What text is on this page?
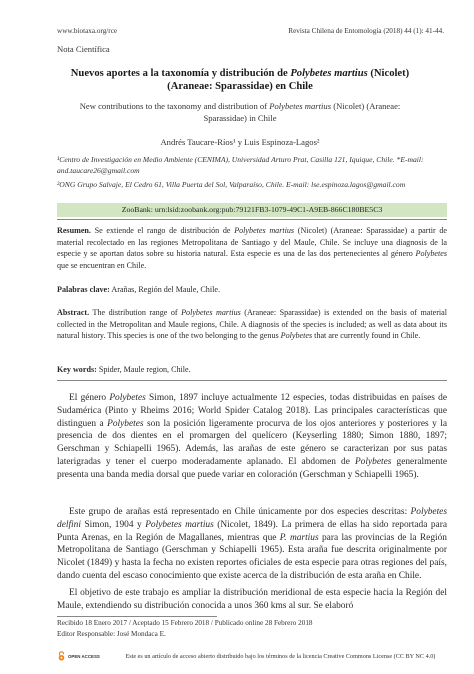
www.biotaxa.org/rce	Revista Chilena de Entomología (2018) 44 (1): 41-44.
Nota Científica
Nuevos aportes a la taxonomía y distribución de Polybetes martius (Nicolet) (Araneae: Sparassidae) en Chile
New contributions to the taxonomy and distribution of Polybetes martius (Nicolet) (Araneae: Sparassidae) in Chile
Andrés Taucare-Ríos¹ y Luis Espinoza-Lagos²
¹Centro de Investigación en Medio Ambiente (CENIMA), Universidad Arturo Prat, Casilla 121, Iquique, Chile. *E-mail: and.taucare26@gmail.com
²ONG Grupo Salvaje, El Cedro 61, Villa Puerta del Sol, Valparaíso, Chile. E-mail: lse.espinoza.lagos@gmail.com
ZooBank: urn:lsid:zoobank.org:pub:79121FB3-1079-49C1-A9EB-866C180BE5C3
Resumen. Se extiende el rango de distribución de Polybetes martius (Nicolet) (Araneae: Sparassidae) a partir de material recolectado en las regiones Metropolitana de Santiago y del Maule, Chile. Se incluye una diagnosis de la especie y se aportan datos sobre su historia natural. Esta especie es una de las dos pertenecientes al género Polybetes que se encuentran en Chile.
Palabras clave: Arañas, Región del Maule, Chile.
Abstract. The distribution range of Polybetes martius (Araneae: Sparassidae) is extended on the basis of material collected in the Metropolitan and Maule regions, Chile. A diagnosis of the species is included; as well as data about its natural history. This species is one of the two belonging to the genus Polybetes that are currently found in Chile.
Key words: Spider, Maule region, Chile.
El género Polybetes Simon, 1897 incluye actualmente 12 especies, todas distribuidas en países de Sudamérica (Pinto y Rheims 2016; World Spider Catalog 2018). Las principales características que distinguen a Polybetes son la posición ligeramente procurva de los ojos anteriores y posteriores y la presencia de dos dientes en el promargen del quelícero (Keyserling 1880; Simon 1880, 1897; Gerschman y Schiapelli 1965). Además, las arañas de este género se caracterizan por sus patas laterigradas y tener el cuerpo moderadamente aplanado. El abdomen de Polybetes generalmente presenta una banda media dorsal que puede variar en coloración (Gerschman y Schiapelli 1965).
Este grupo de arañas está representado en Chile únicamente por dos especies descritas: Polybetes delfini Simon, 1904 y Polybetes martius (Nicolet, 1849). La primera de ellas ha sido reportada para Punta Arenas, en la Región de Magallanes, mientras que P. martius para las provincias de la Región Metropolitana de Santiago (Gerschman y Schiapelli 1965). Esta araña fue descrita originalmente por Nicolet (1849) y hasta la fecha no existen reportes oficiales de esta especie para otras regiones del país, dando cuenta del escaso conocimiento que existe acerca de la distribución de esta araña en Chile.
El objetivo de este trabajo es ampliar la distribución meridional de esta especie hacia la Región del Maule, extendiendo su distribución conocida a unos 360 kms al sur. Se elaboró
Recibido 18 Enero 2017 / Aceptado 15 Febrero 2018 / Publicado online 28 Febrero 2018
Editor Responsable: José Mondaca E.
OPEN ACCESS	Este es un artículo de acceso abierto distribuido bajo los términos de la licencia Creative Commons License (CC BY NC 4.0)
